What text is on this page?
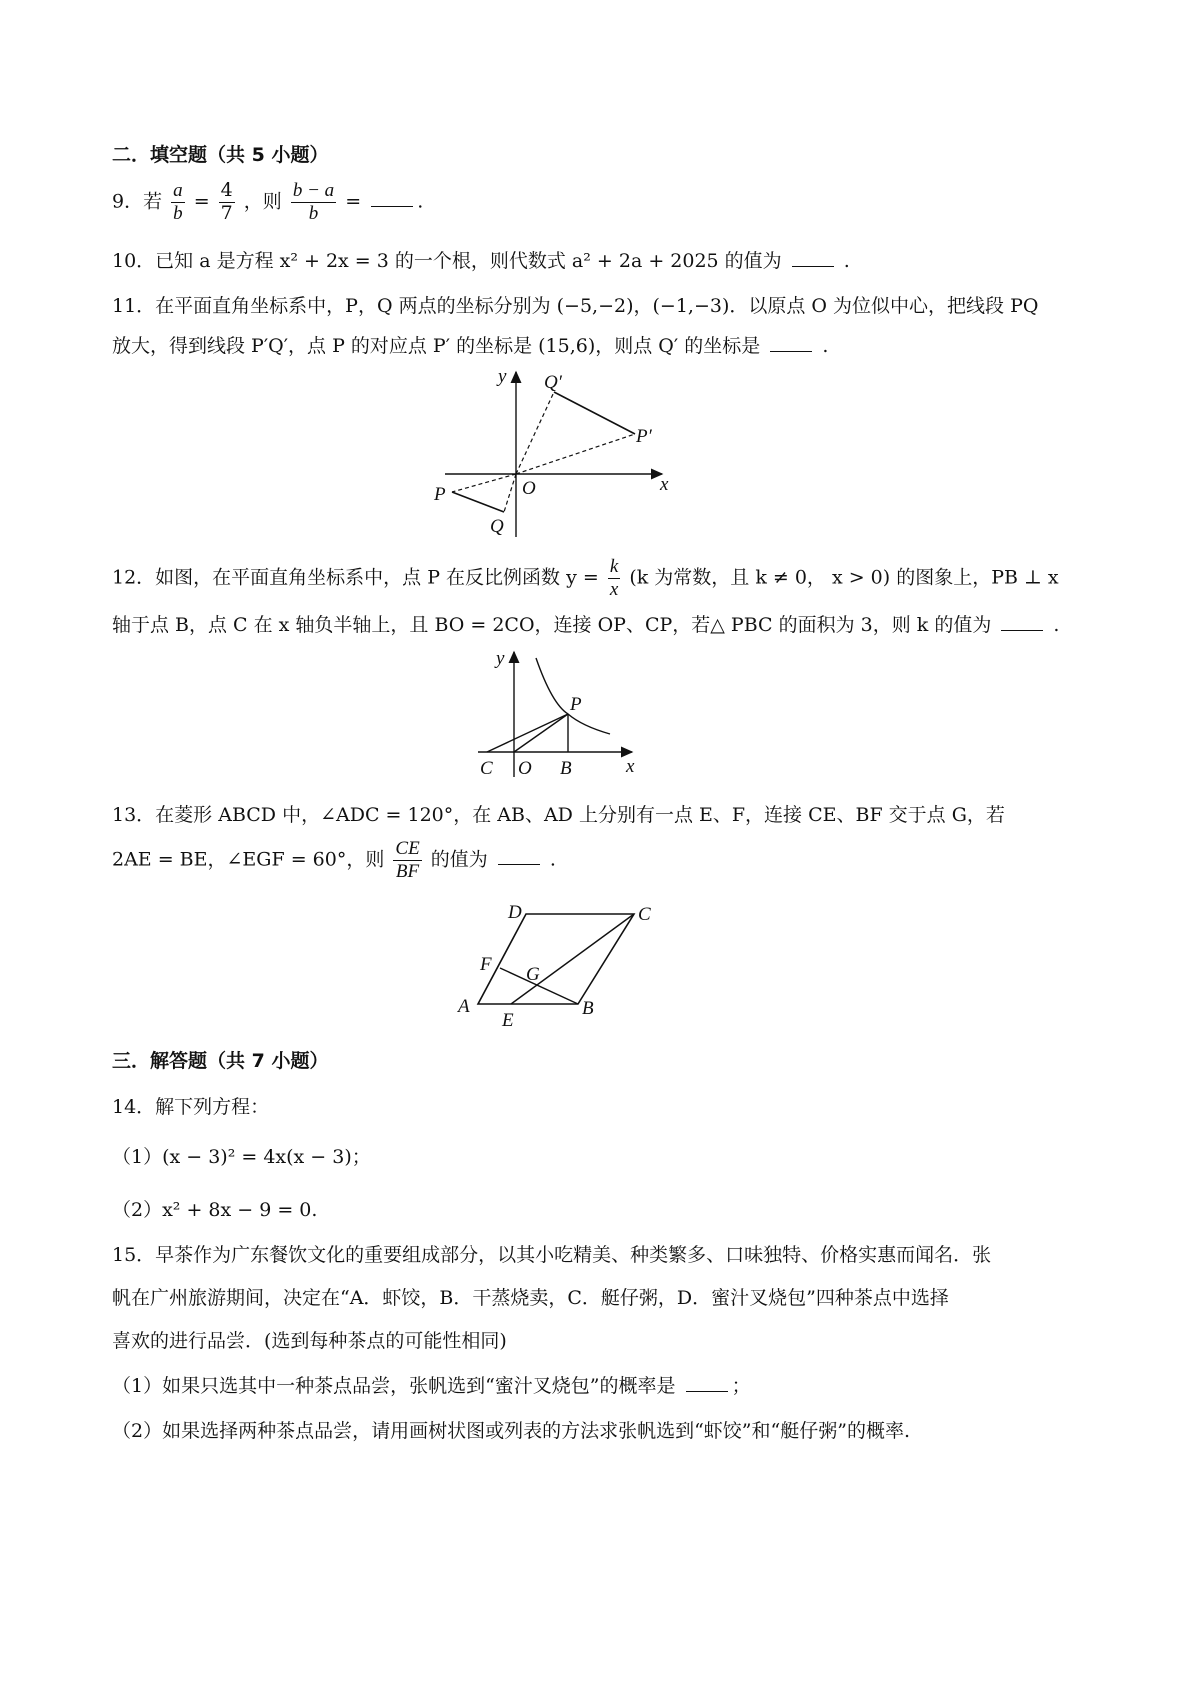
二．填空题（共 5 小题）
9．若 $\frac{a}{b} = \frac{4}{7}$ ，则 $\frac{b - a}{b}$ =	.
10．已知 a 是方程 x² + 2x = 3 的一个根，则代数式 a² + 2a + 2025 的值为	.
11．在平面直角坐标系中，P，Q 两点的坐标分别为 (−5,−2)，(−1,−3)．以原点 O 为位似中心，把线段 PQ
放大，得到线段 P′Q′，点 P 的对应点 P′ 的坐标是 (15,6)，则点 Q′ 的坐标是	.
x
y
O
P
Q
P′
Q′
12．如图，在平面直角坐标系中，点 P 在反比例函数 $y = \frac{k}{x} (k$ 为常数，且 k ≠ 0， x > 0) 的图象上，PB ⊥ x
轴于点 B，点 C 在 x 轴负半轴上，且 BO = 2CO，连接 OP、CP，若△ PBC 的面积为 3，则 k 的值为	.
x
y
C O B
P
13．在菱形 ABCD 中，∠ADC = 120°，在 AB、AD 上分别有一点 E、F，连接 CE、BF 交于点 G，若
2AE = BE，∠EGF = 60°，则 $\frac{CE}{BF}$ 的值为	.
A	B
C
D
E
F G
三．解答题（共 7 小题）
14．解下列方程：
（1）(x − 3)² = 4x(x − 3)；
（2）x² + 8x − 9 = 0.
15．早茶作为广东餐饮文化的重要组成部分，以其小吃精美、种类繁多、口味独特、价格实惠而闻名．张
帆在广州旅游期间，决定在“A．虾饺，B．干蒸烧卖，C．艇仔粥，D．蜜汁叉烧包”四种茶点中选择
喜欢的进行品尝．(选到每种茶点的可能性相同)
（1）如果只选其中一种茶点品尝，张帆选到“蜜汁叉烧包”的概率是	；
（2）如果选择两种茶点品尝，请用画树状图或列表的方法求张帆选到“虾饺”和“艇仔粥”的概率.
